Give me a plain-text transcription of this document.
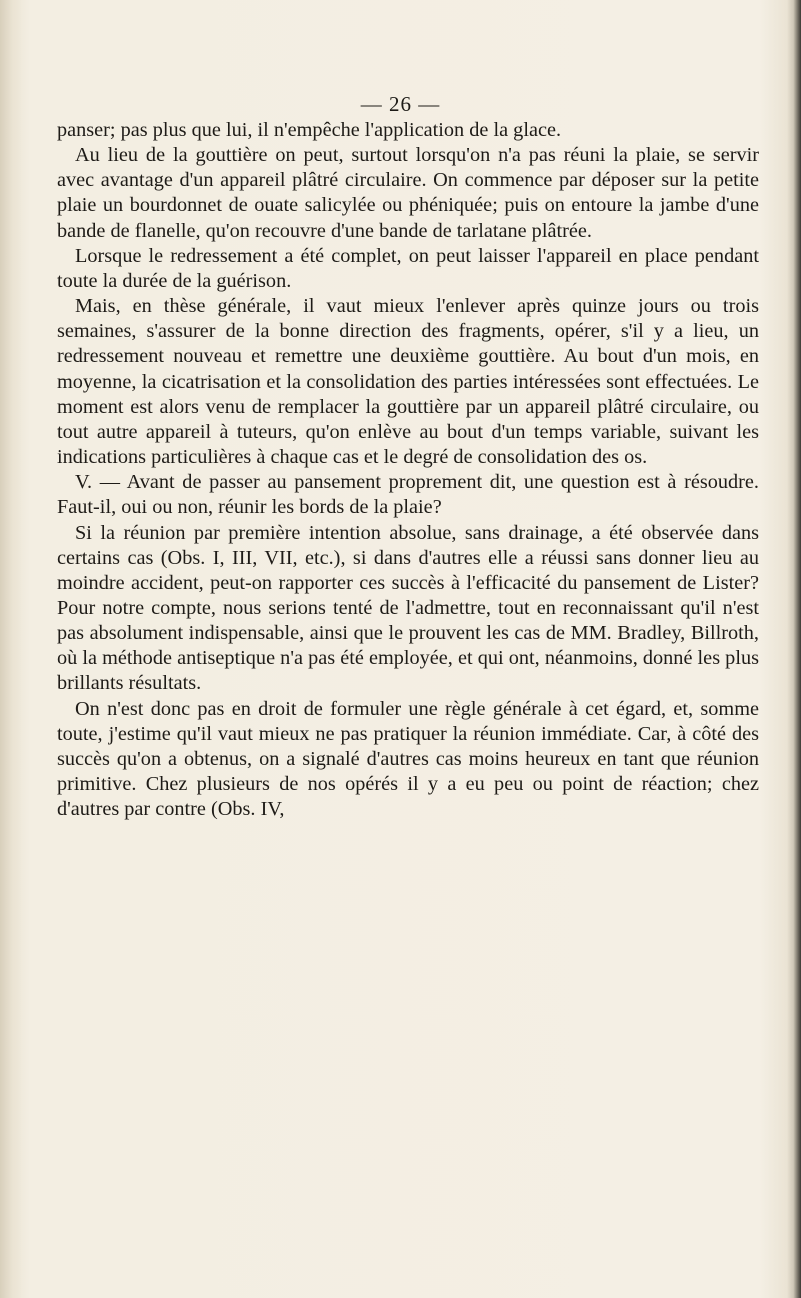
— 26 —

panser; pas plus que lui, il n'empêche l'application de la glace.

Au lieu de la gouttière on peut, surtout lorsqu'on n'a pas réuni la plaie, se servir avec avantage d'un appareil plâtré circulaire. On commence par déposer sur la petite plaie un bourdonnet de ouate salicylée ou phéniquée; puis on entoure la jambe d'une bande de flanelle, qu'on recouvre d'une bande de tarlatane plâtrée.

Lorsque le redressement a été complet, on peut laisser l'appareil en place pendant toute la durée de la guérison.

Mais, en thèse générale, il vaut mieux l'enlever après quinze jours ou trois semaines, s'assurer de la bonne direction des fragments, opérer, s'il y a lieu, un redressement nouveau et remettre une deuxième gouttière. Au bout d'un mois, en moyenne, la cicatrisation et la consolidation des parties intéressées sont effectuées. Le moment est alors venu de remplacer la gouttière par un appareil plâtré circulaire, ou tout autre appareil à tuteurs, qu'on enlève au bout d'un temps variable, suivant les indications particulières à chaque cas et le degré de consolidation des os.

V. — Avant de passer au pansement proprement dit, une question est à résoudre. Faut-il, oui ou non, réunir les bords de la plaie?

Si la réunion par première intention absolue, sans drainage, a été observée dans certains cas (Obs. I, III, VII, etc.), si dans d'autres elle a réussi sans donner lieu au moindre accident, peut-on rapporter ces succès à l'efficacité du pansement de Lister? Pour notre compte, nous serions tenté de l'admettre, tout en reconnaissant qu'il n'est pas absolument indispensable, ainsi que le prouvent les cas de MM. Bradley, Billroth, où la méthode antiseptique n'a pas été employée, et qui ont, néanmoins, donné les plus brillants résultats.

On n'est donc pas en droit de formuler une règle générale à cet égard, et, somme toute, j'estime qu'il vaut mieux ne pas pratiquer la réunion immédiate. Car, à côté des succès qu'on a obtenus, on a signalé d'autres cas moins heureux en tant que réunion primitive. Chez plusieurs de nos opérés il y a eu peu ou point de réaction; chez d'autres par contre (Obs. IV,
